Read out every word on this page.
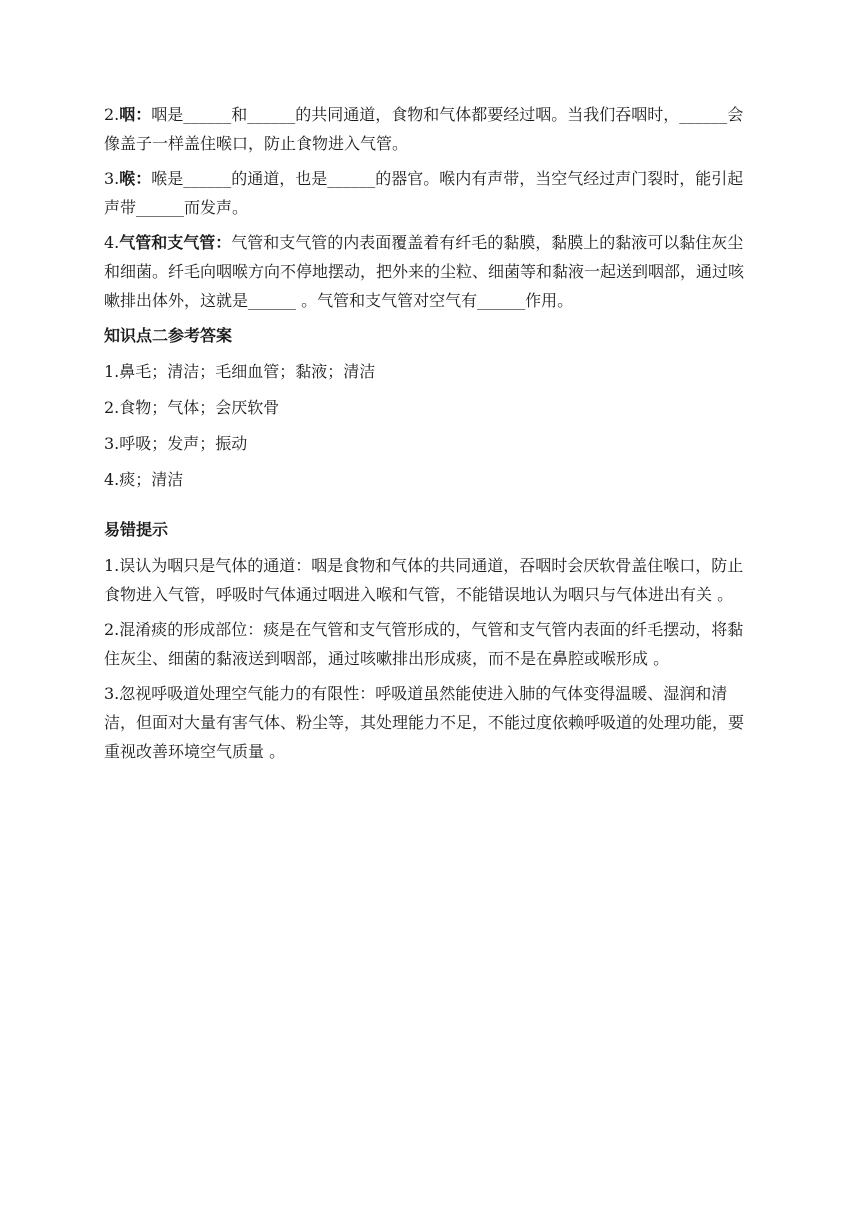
2.咽：咽是______和______的共同通道，食物和气体都要经过咽。当我们吞咽时，______会像盖子一样盖住喉口，防止食物进入气管。

3.喉：喉是______的通道，也是______的器官。喉内有声带，当空气经过声门裂时，能引起声带______而发声。

4.气管和支气管：气管和支气管的内表面覆盖着有纤毛的黏膜，黏膜上的黏液可以黏住灰尘和细菌。纤毛向咽喉方向不停地摆动，把外来的尘粒、细菌等和黏液一起送到咽部，通过咳嗽排出体外，这就是______ 。气管和支气管对空气有______作用。

知识点二参考答案

1.鼻毛；清洁；毛细血管；黏液；清洁

2.食物；气体；会厌软骨

3.呼吸；发声；振动

4.痰；清洁

易错提示

1.误认为咽只是气体的通道：咽是食物和气体的共同通道，吞咽时会厌软骨盖住喉口，防止食物进入气管，呼吸时气体通过咽进入喉和气管，不能错误地认为咽只与气体进出有关 。

2.混淆痰的形成部位：痰是在气管和支气管形成的，气管和支气管内表面的纤毛摆动，将黏住灰尘、细菌的黏液送到咽部，通过咳嗽排出形成痰，而不是在鼻腔或喉形成 。

3.忽视呼吸道处理空气能力的有限性：呼吸道虽然能使进入肺的气体变得温暖、湿润和清洁，但面对大量有害气体、粉尘等，其处理能力不足，不能过度依赖呼吸道的处理功能，要重视改善环境空气质量 。
